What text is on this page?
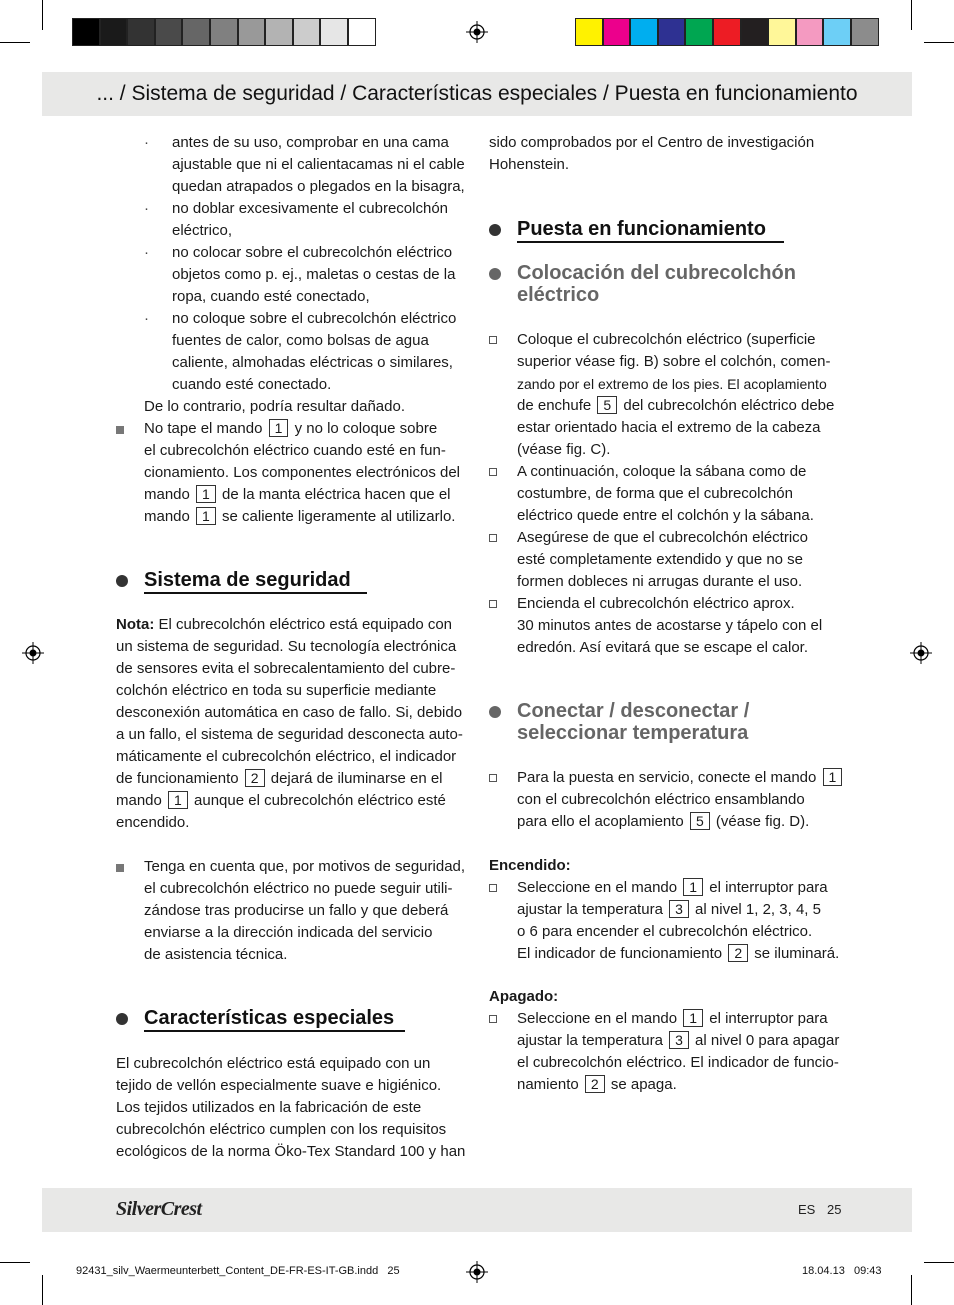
... / Sistema de seguridad / Características especiales / Puesta en funcionamiento
·	antes de su uso, comprobar en una cama
ajustable que ni el calientacamas ni el cable
quedan atrapados o plegados en la bisagra,
·	no doblar excesivamente el cubrecolchón
eléctrico,
·	no colocar sobre el cubrecolchón eléctrico
objetos como p. ej., maletas o cestas de la
ropa, cuando esté conectado,
·	no coloque sobre el cubrecolchón eléctrico
fuentes de calor, como bolsas de agua
caliente, almohadas eléctricas o similares,
cuando esté conectado.
De lo contrario, podría resultar dañado.
No tape el mando 1 y no lo coloque sobre
el cubrecolchón eléctrico cuando esté en fun-
cionamiento. Los componentes electrónicos del
mando 1 de la manta eléctrica hacen que el
mando 1 se caliente ligeramente al utilizarlo.
Sistema de seguridad
Nota: El cubrecolchón eléctrico está equipado con
un sistema de seguridad. Su tecnología electrónica
de sensores evita el sobrecalentamiento del cubre-
colchón eléctrico en toda su superficie mediante
desconexión automática en caso de fallo. Si, debido
a un fallo, el sistema de seguridad desconecta auto-
máticamente el cubrecolchón eléctrico, el indicador
de funcionamiento 2 dejará de iluminarse en el
mando 1 aunque el cubrecolchón eléctrico esté
encendido.
Tenga en cuenta que, por motivos de seguridad,
el cubrecolchón eléctrico no puede seguir utili-
zándose tras producirse un fallo y que deberá
enviarse a la dirección indicada del servicio
de asistencia técnica.
Características especiales
El cubrecolchón eléctrico está equipado con un
tejido de vellón especialmente suave e higiénico.
Los tejidos utilizados en la fabricación de este
cubrecolchón eléctrico cumplen con los requisitos
ecológicos de la norma Öko-Tex Standard 100 y han
sido comprobados por el Centro de investigación
Hohenstein.
Puesta en funcionamiento
Colocación del cubrecolchón
eléctrico
Coloque el cubrecolchón eléctrico (superficie
superior véase fig. B) sobre el colchón, comen-
zando por el extremo de los pies. El acoplamiento
de enchufe 5 del cubrecolchón eléctrico debe
estar orientado hacia el extremo de la cabeza
(véase fig. C).
A continuación, coloque la sábana como de
costumbre, de forma que el cubrecolchón
eléctrico quede entre el colchón y la sábana.
Asegúrese de que el cubrecolchón eléctrico
esté completamente extendido y que no se
formen dobleces ni arrugas durante el uso.
Encienda el cubrecolchón eléctrico aprox.
30 minutos antes de acostarse y tápelo con el
edredón. Así evitará que se escape el calor.
Conectar / desconectar /
seleccionar temperatura
Para la puesta en servicio, conecte el mando 1
con el cubrecolchón eléctrico ensamblando
para ello el acoplamiento 5 (véase fig. D).
Encendido:
Seleccione en el mando 1 el interruptor para
ajustar la temperatura 3 al nivel 1, 2, 3, 4, 5
o 6 para encender el cubrecolchón eléctrico.
El indicador de funcionamiento 2 se iluminará.
Apagado:
Seleccione en el mando 1 el interruptor para
ajustar la temperatura 3 al nivel 0 para apagar
el cubrecolchón eléctrico. El indicador de funcio-
namiento 2 se apaga.
SilverCrest	ES 25
92431_silv_Waermeunterbett_Content_DE-FR-ES-IT-GB.indd 25	18.04.13 09:43
